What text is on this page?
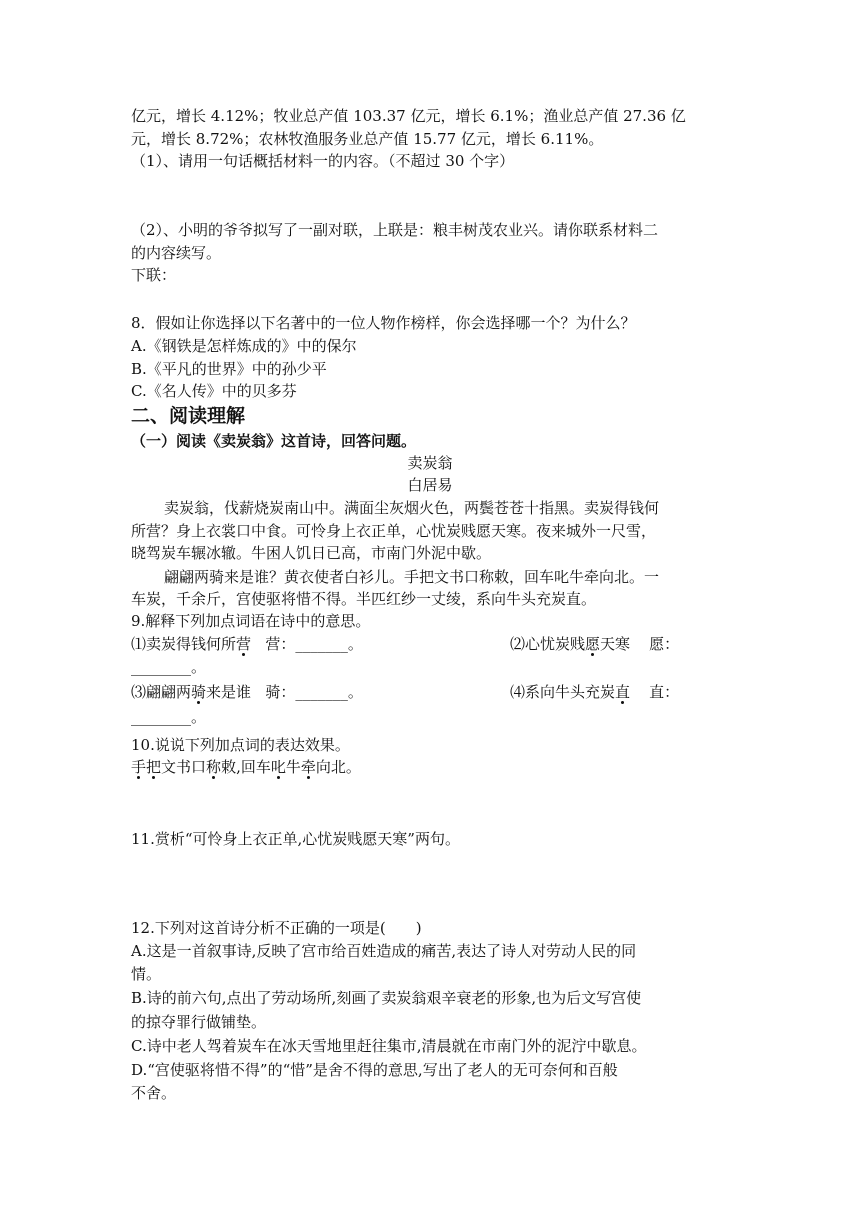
亿元，增长 4.12%；牧业总产值 103.37 亿元，增长 6.1%；渔业总产值 27.36 亿

元，增长 8.72%；农林牧渔服务业总产值 15.77 亿元，增长 6.11%。

（1）、请用一句话概括材料一的内容。（不超过 30 个字）

（2）、小明的爷爷拟写了一副对联，上联是：粮丰树茂农业兴。请你联系材料二

的内容续写。

下联：

8．假如让你选择以下名著中的一位人物作榜样，你会选择哪一个？为什么？

A.《钢铁是怎样炼成的》中的保尔

B.《平凡的世界》中的孙少平

C.《名人传》中的贝多芬

二、阅读理解

（一）阅读《卖炭翁》这首诗，回答问题。

卖炭翁

白居易

卖炭翁，伐薪烧炭南山中。满面尘灰烟火色，两鬓苍苍十指黑。卖炭得钱何

所营？身上衣裳口中食。可怜身上衣正单，心忧炭贱愿天寒。夜来城外一尺雪，

晓驾炭车辗冰辙。牛困人饥日已高，市南门外泥中歇。

翩翩两骑来是谁？黄衣使者白衫儿。手把文书口称敕，回车叱牛牵向北。一

车炭，千余斤，宫使驱将惜不得。半匹红纱一丈绫，系向牛头充炭直。

9.解释下列加点词语在诗中的意思。

⑴卖炭得钱何所营 营：_______。	⑵心忧炭贱愿天寒 愿：

________。

⑶翩翩两骑来是谁 骑：_______。	⑷系向牛头充炭直 直：

________。

10.说说下列加点词的表达效果。

手把文书口称敕,回车叱牛牵向北。

11.赏析“可怜身上衣正单,心忧炭贱愿天寒”两句。

12.下列对这首诗分析不正确的一项是(　　)

A.这是一首叙事诗,反映了宫市给百姓造成的痛苦,表达了诗人对劳动人民的同

情。

B.诗的前六句,点出了劳动场所,刻画了卖炭翁艰辛衰老的形象,也为后文写宫使

的掠夺罪行做铺垫。

C.诗中老人驾着炭车在冰天雪地里赶往集市,清晨就在市南门外的泥泞中歇息。

D.“宫使驱将惜不得”的“惜”是舍不得的意思,写出了老人的无可奈何和百般

不舍。
